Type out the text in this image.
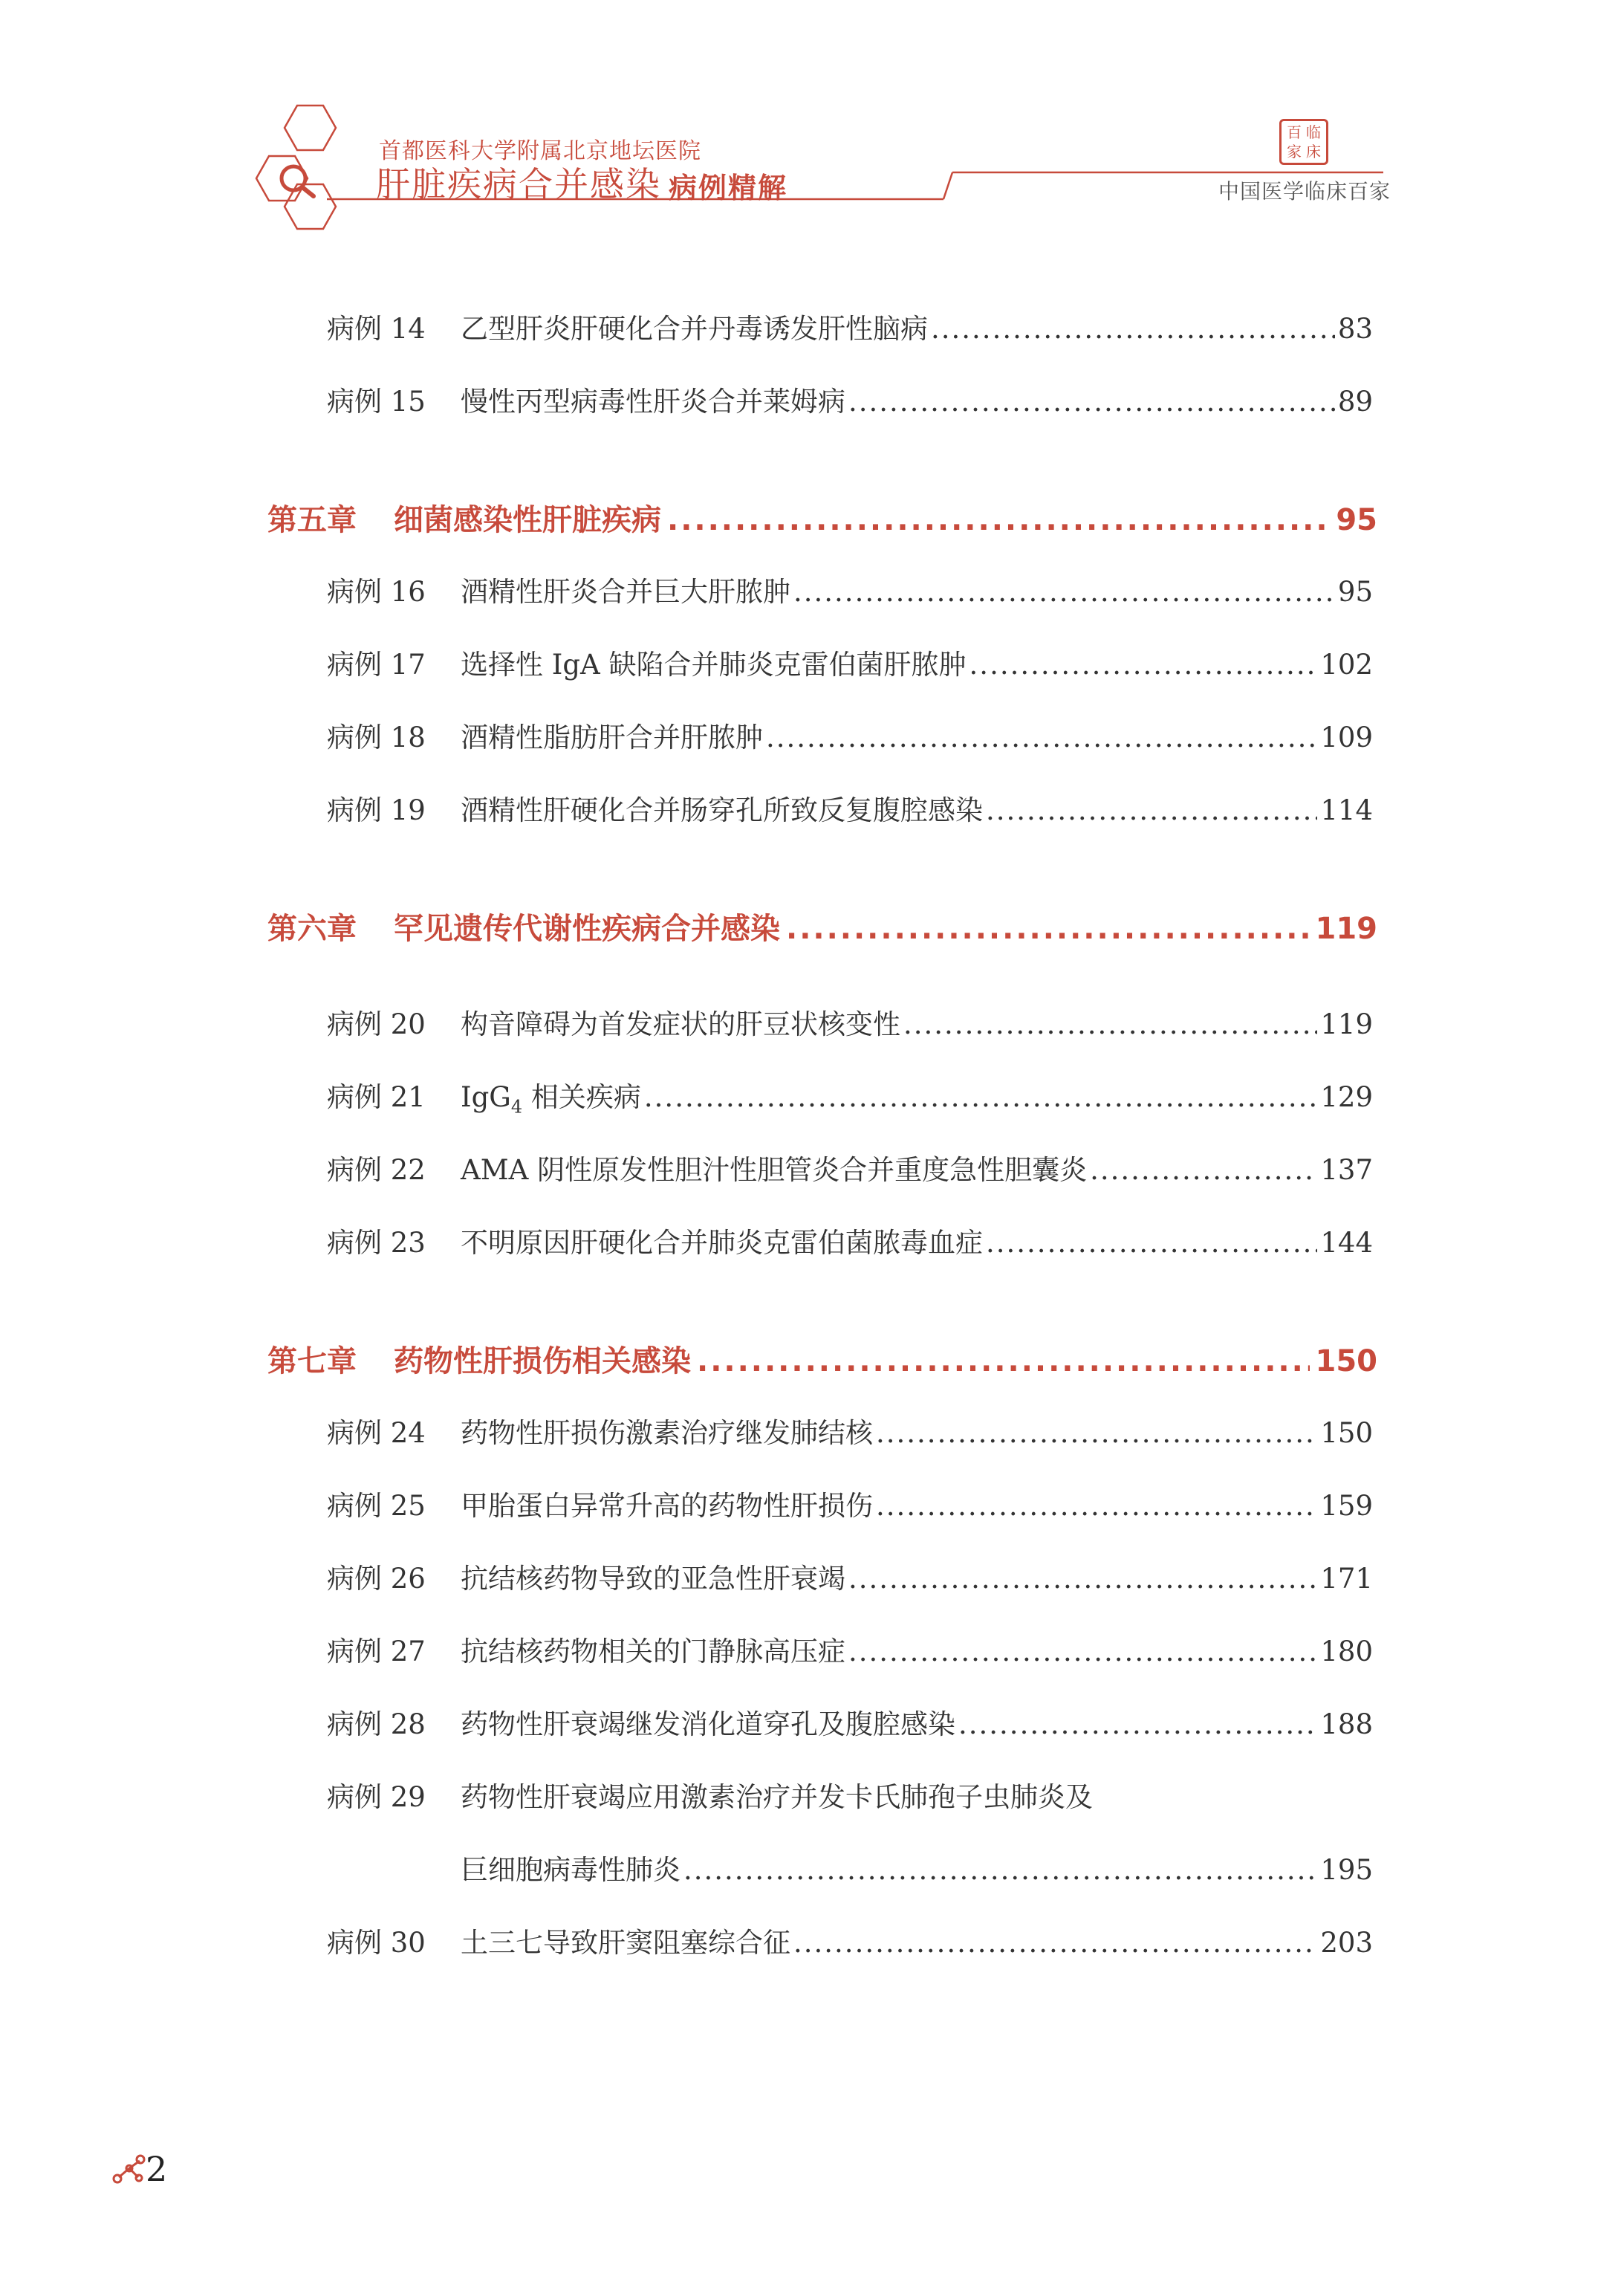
首都医科大学附属北京地坛医院
肝脏疾病合并感染 病例精解
百 临
家 床
中国医学临床百家
病例 14	乙型肝炎肝硬化合并丹毒诱发肝性脑病 .....	83
病例 15	慢性丙型病毒性肝炎合并莱姆病 .....	89
第五章	细菌感染性肝脏疾病 .....	95
病例 16	酒精性肝炎合并巨大肝脓肿 .....	95
病例 17	选择性 IgA 缺陷合并肺炎克雷伯菌肝脓肿 .....	102
病例 18	酒精性脂肪肝合并肝脓肿 .....	109
病例 19	酒精性肝硬化合并肠穿孔所致反复腹腔感染 .....	114
第六章	罕见遗传代谢性疾病合并感染 .....	119
病例 20	构音障碍为首发症状的肝豆状核变性 .....	119
病例 21	IgG$_4$ 相关疾病 .....	129
病例 22	AMA 阴性原发性胆汁性胆管炎合并重度急性胆囊炎 .....	137
病例 23	不明原因肝硬化合并肺炎克雷伯菌脓毒血症 .....	144
第七章	药物性肝损伤相关感染 .....	150
病例 24	药物性肝损伤激素治疗继发肺结核 .....	150
病例 25	甲胎蛋白异常升高的药物性肝损伤 .....	159
病例 26	抗结核药物导致的亚急性肝衰竭 .....	171
病例 27	抗结核药物相关的门静脉高压症 .....	180
病例 28	药物性肝衰竭继发消化道穿孔及腹腔感染 .....	188
病例 29	药物性肝衰竭应用激素治疗并发卡氏肺孢子虫肺炎及
巨细胞病毒性肺炎 .....	195
病例 30	土三七导致肝窦阻塞综合征 .....	203
2
